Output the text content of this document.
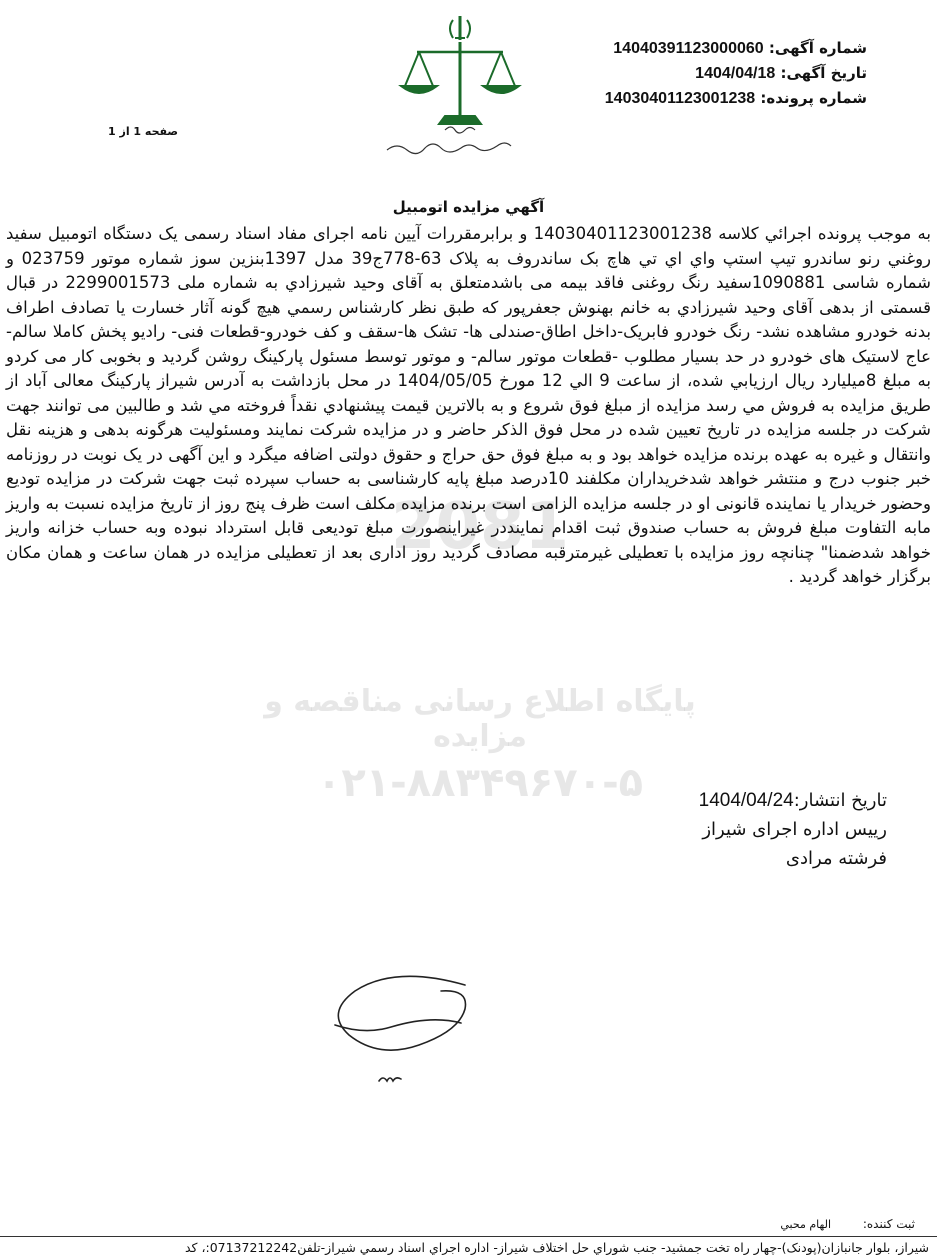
شماره آگهی: 14040391123000060
تاریخ آگهی: 1404/04/18
شماره پرونده: 14030401123001238
صفحه 1 از 1
2081
پایگاه اطلاع رسانی مناقصه و مزایده
۰۲۱-۸۸۳۴۹۶۷۰-۵
آگهي مزایده اتومبیل
به موجب پرونده اجرائي كلاسه 14030401123001238 و برابرمقررات آيين نامه اجراى مفاد اسناد رسمى يک دستگاه اتومبيل سفيد روغني رنو ساندرو تيپ استپ واي اي تي هاچ بک ساندروف به پلاک 63-778ج39 مدل 1397بنزين سوز شماره موتور 023759 و شماره شاسى 1090881سفيد رنگ روغنى فاقد بيمه مى باشدمتعلق به آقاى وحيد شيرزادي به شماره ملى 2299001573 در قبال قسمتى از بدهى آقاى وحيد شيرزادي به خانم بهنوش جعفرپور كه طبق نظر كارشناس رسمي هيچ گونه آثار خسارت يا تصادف اطراف بدنه خودرو مشاهده نشد- رنگ خودرو فابريک-داخل اطاق-صندلى ها- تشک ها-سقف و كف خودرو-قطعات فنى- راديو پخش كاملا سالم- عاج لاستيک هاى خودرو در حد بسيار مطلوب -قطعات موتور سالم- و موتور توسط مسئول پاركينگ روشن گرديد و بخوبى كار مى كردو به مبلغ 8ميليارد ريال ارزيابي شده، از ساعت 9 الي 12 مورخ 1404/05/05 در محل بازداشت به آدرس شيراز پاركينگ معالى آباد از طريق مزايده به فروش مي رسد مزايده از مبلغ فوق شروع و به بالاترين قيمت پيشنهادي نقداً فروخته مي شد و طالبين مى توانند جهت شركت در جلسه مزايده در تاريخ تعيين شده در محل فوق الذكر حاضر و در مزايده شركت نمايند ومسئوليت هرگونه بدهى و هزينه نقل وانتقال و غيره به عهده برنده مزايده خواهد بود و به مبلغ فوق حق حراج و حقوق دولتى اضافه ميگرد و اين آگهى در يک نوبت در روزنامه خبر جنوب درج و منتشر خواهد شدخريداران مكلفند 10درصد مبلغ پايه كارشناسى به حساب سپرده ثبت جهت شركت در مزايده توديع وحضور خريدار يا نماينده قانونى او در جلسه مزايده الزامى است برنده مزايده مكلف است ظرف پنج روز از تاريخ مزايده نسبت به واريز مابه التفاوت مبلغ فروش به حساب صندوق ثبت اقدام نماينددر غيراينصورت مبلغ توديعى قابل استرداد نبوده وبه حساب خزانه واريز خواهد شدضمنا" چنانچه روز مزايده با تعطيلى غيرمترقبه مصادف گرديد روز ادارى بعد از تعطيلى مزايده در همان ساعت و همان مكان برگزار خواهد گرديد .
تاریخ انتشار:1404/04/24
رييس اداره اجراى شيراز
فرشته مرادى
ثبت كننده: الهام محبي
شیراز، بلوار جانبازان(پودنک)-چهار راه تخت جمشید- جنب شوراي حل اختلاف شیراز- اداره اجراي اسناد رسمي شیراز-تلفن07137212242:، کد
